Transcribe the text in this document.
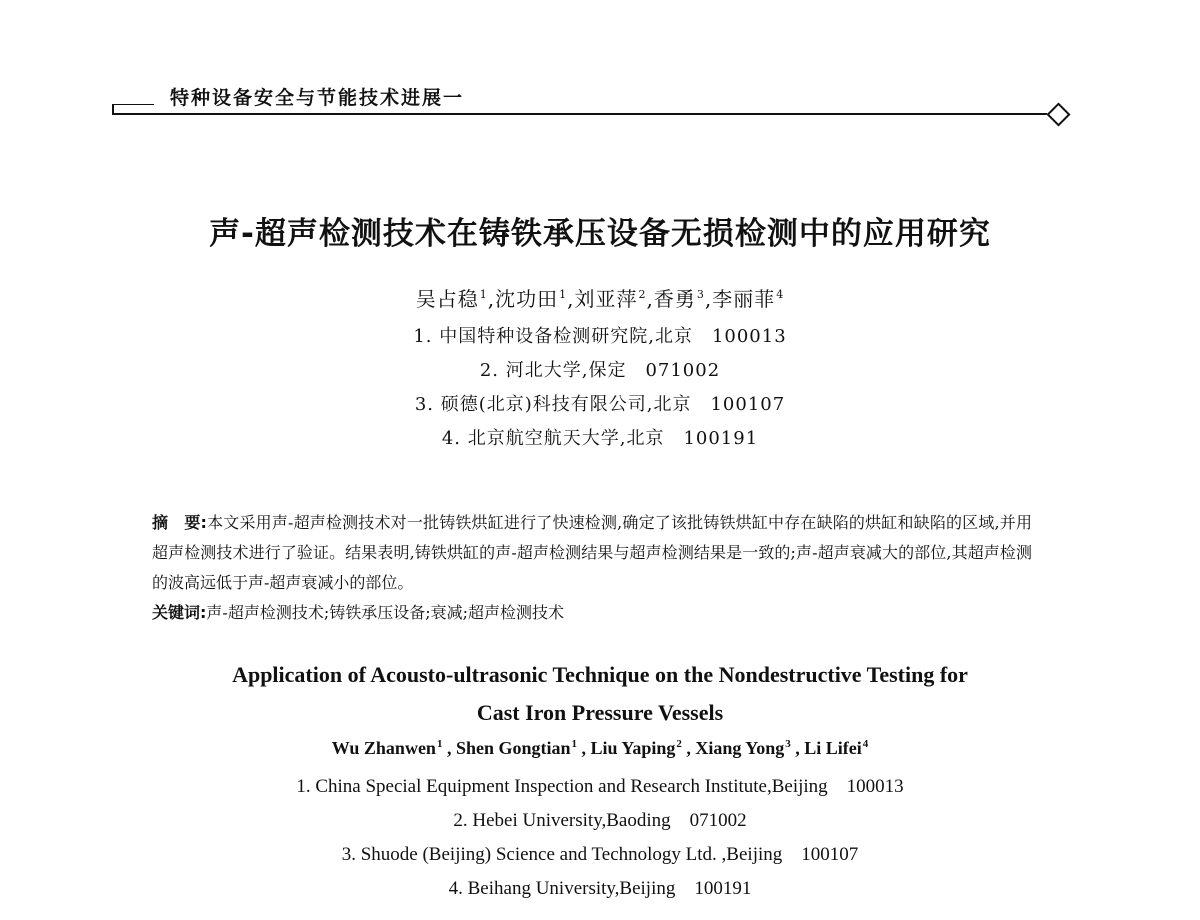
特种设备安全与节能技术进展一
声-超声检测技术在铸铁承压设备无损检测中的应用研究
吴占稳$^1$,沈功田$^1$,刘亚萍$^2$,香勇$^3$,李丽菲$^4$
1. 中国特种设备检测研究院,北京　100013
2. 河北大学,保定　071002
3. 硕德(北京)科技有限公司,北京　100107
4. 北京航空航天大学,北京　100191
摘　要:本文采用声-超声检测技术对一批铸铁烘缸进行了快速检测,确定了该批铸铁烘缸中存在缺陷的烘缸和缺陷的区域,并用超声检测技术进行了验证。结果表明,铸铁烘缸的声-超声检测结果与超声检测结果是一致的;声-超声衰减大的部位,其超声检测的波高远低于声-超声衰减小的部位。
关键词:声-超声检测技术;铸铁承压设备;衰减;超声检测技术
Application of Acousto-ultrasonic Technique on the Nondestructive Testing for
Cast Iron Pressure Vessels
Wu Zhanwen$^1$ , Shen Gongtian$^1$ , Liu Yaping$^2$ , Xiang Yong$^3$ , Li Lifei$^4$
1. China Special Equipment Inspection and Research Institute,Beijing　100013
2. Hebei University,Baoding　071002
3. Shuode (Beijing) Science and Technology Ltd. ,Beijing　100107
4. Beihang University,Beijing　100191
